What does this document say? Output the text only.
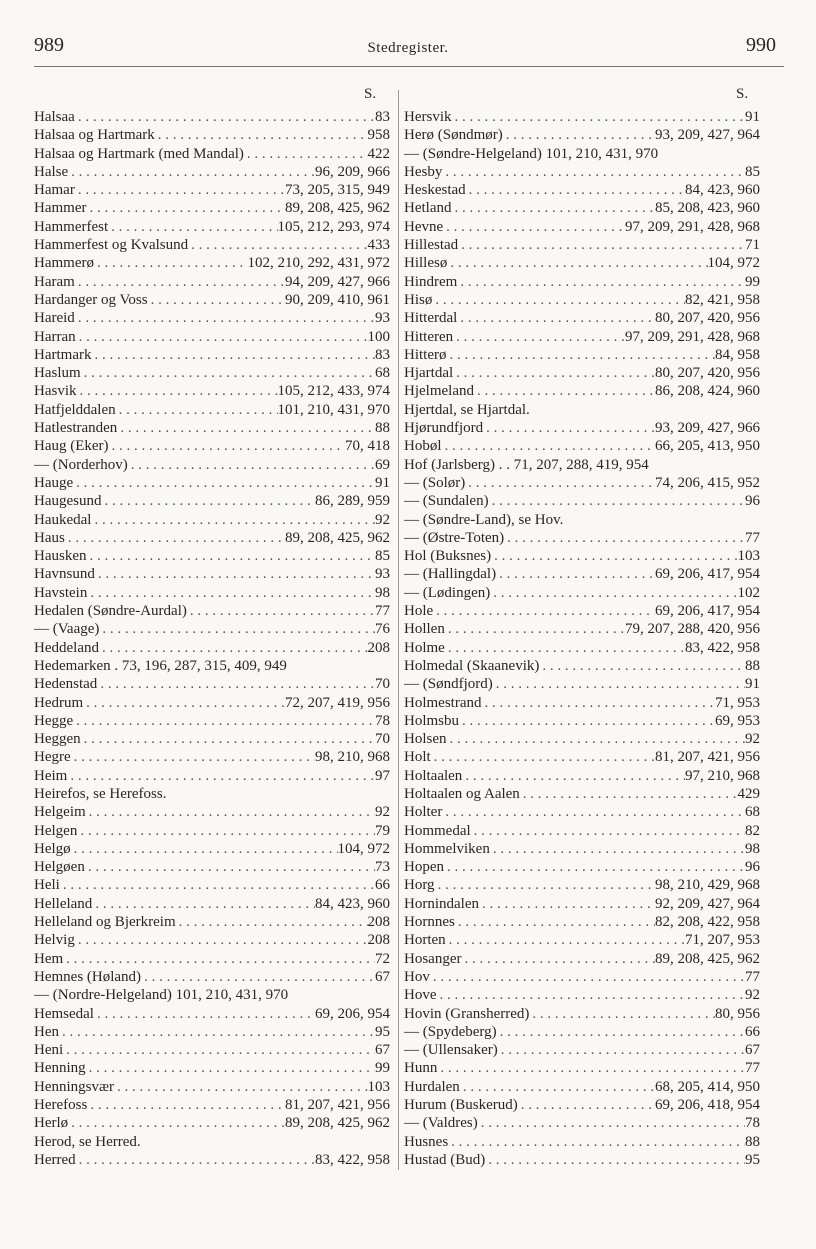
989	Stedregister.	990
S.	S.
Halsaa . . .	83
Halsaa og Hartmark . . .	958
Halsaa og Hartmark (med Mandal) . . .	422
Halse . . .	96, 209, 966
Hamar . . .	73, 205, 315, 949
Hammer . . .	89, 208, 425, 962
Hammerfest . . .	105, 212, 293, 974
Hammerfest og Kvalsund . . .	433
Hammerø . . .	102, 210, 292, 431, 972
Haram . . .	94, 209, 427, 966
Hardanger og Voss . . .	90, 209, 410, 961
Hareid . . .	93
Harran . . .	100
Hartmark . . .	83
Haslum . . .	68
Hasvik . . .	105, 212, 433, 974
Hatfjelddalen . . .	101, 210, 431, 970
Hatlestranden . . .	88
Haug (Eker) . . .	70, 418
— (Norderhov) . . .	69
Hauge . . .	91
Haugesund . . .	86, 289, 959
Haukedal . . .	92
Haus . . .	89, 208, 425, 962
Hausken . . .	85
Havnsund . . .	93
Havstein . . .	98
Hedalen (Søndre-Aurdal) . . .	77
— (Vaage) . . .	76
Heddeland . . .	208
Hedemarken . 73, 196, 287, 315, 409, 949
Hedenstad . . .	70
Hedrum . . .	72, 207, 419, 956
Hegge . . .	78
Heggen . . .	70
Hegre . . .	98, 210, 968
Heim . . .	97
Heirefos, se Herefoss.
Helgeim . . .	92
Helgen . . .	79
Helgø . . .	104, 972
Helgøen . . .	73
Heli . . .	66
Helleland . . .	84, 423, 960
Helleland og Bjerkreim . . .	208
Helvig . . .	208
Hem . . .	72
Hemnes (Høland) . . .	67
— (Nordre-Helgeland) 101, 210, 431, 970
Hemsedal . . .	69, 206, 954
Hen . . .	95
Heni . . .	67
Henning . . .	99
Henningsvær . . .	103
Herefoss . . .	81, 207, 421, 956
Herlø . . .	89, 208, 425, 962
Herod, se Herred.
Herred . . .	83, 422, 958
Hersvik . . .	91
Herø (Søndmør) . . .	93, 209, 427, 964
— (Søndre-Helgeland) 101, 210, 431, 970
Hesby . . .	85
Heskestad . . .	84, 423, 960
Hetland . . .	85, 208, 423, 960
Hevne . . .	97, 209, 291, 428, 968
Hillestad . . .	71
Hillesø . . .	104, 972
Hindrem . . .	99
Hisø . . .	82, 421, 958
Hitterdal . . .	80, 207, 420, 956
Hitteren . . .	97, 209, 291, 428, 968
Hitterø . . .	84, 958
Hjartdal . . .	80, 207, 420, 956
Hjelmeland . . .	86, 208, 424, 960
Hjertdal, se Hjartdal.
Hjørundfjord . . .	93, 209, 427, 966
Hobøl . . .	66, 205, 413, 950
Hof (Jarlsberg) . . 71, 207, 288, 419, 954
— (Solør) . . .	74, 206, 415, 952
— (Sundalen) . . .	96
— (Søndre-Land), se Hov.
— (Østre-Toten) . . .	77
Hol (Buksnes) . . .	103
— (Hallingdal) . . .	69, 206, 417, 954
— (Lødingen) . . .	102
Hole . . .	69, 206, 417, 954
Hollen . . .	79, 207, 288, 420, 956
Holme . . .	83, 422, 958
Holmedal (Skaanevik) . . .	88
— (Søndfjord) . . .	91
Holmestrand . . .	71, 953
Holmsbu . . .	69, 953
Holsen . . .	92
Holt . . .	81, 207, 421, 956
Holtaalen . . .	97, 210, 968
Holtaalen og Aalen . . .	429
Holter . . .	68
Hommedal . . .	82
Hommelviken . . .	98
Hopen . . .	96
Horg . . .	98, 210, 429, 968
Hornindalen . . .	92, 209, 427, 964
Hornnes . . .	82, 208, 422, 958
Horten . . .	71, 207, 953
Hosanger . . .	89, 208, 425, 962
Hov . . .	77
Hove . . .	92
Hovin (Gransherred) . . .	80, 956
— (Spydeberg) . . .	66
— (Ullensaker) . . .	67
Hunn . . .	77
Hurdalen . . .	68, 205, 414, 950
Hurum (Buskerud) . . .	69, 206, 418, 954
— (Valdres) . . .	78
Husnes . . .	88
Hustad (Bud) . . .	95
